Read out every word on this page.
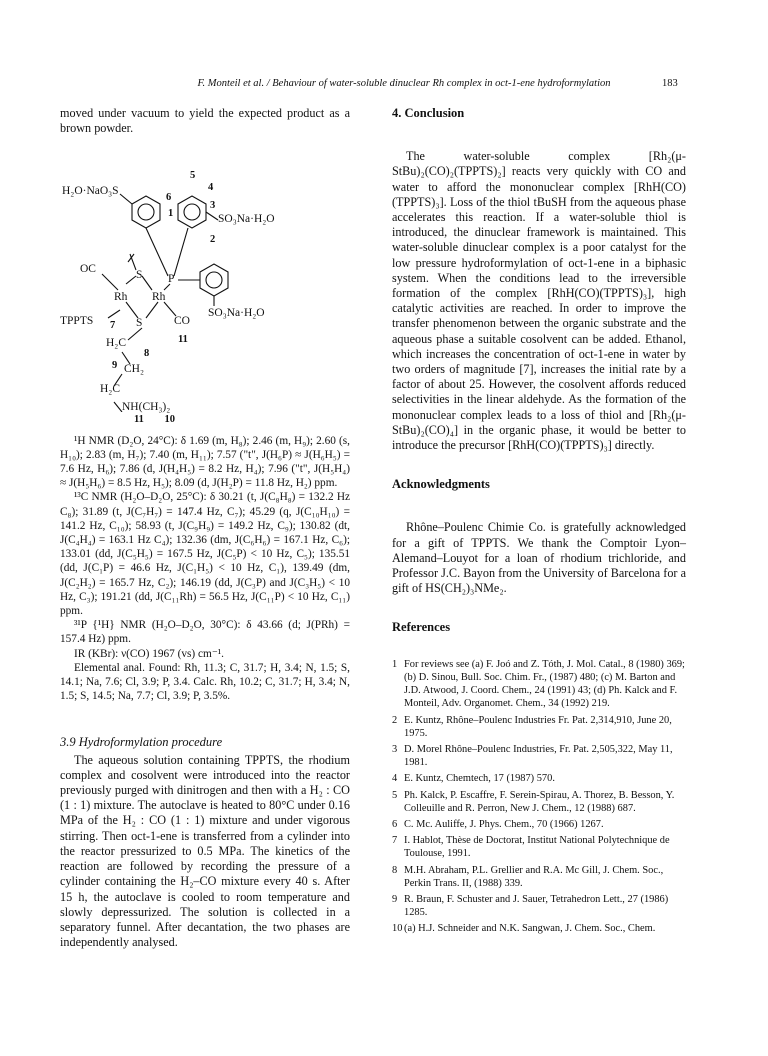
F. Monteil et al. / Behaviour of water-soluble dinuclear Rh complex in oct-1-ene hydroformylation	183

moved under vacuum to yield the expected product as a brown powder.

H₂O·NaO₃S
SO₃Na·H₂O
SO₃Na·H₂O
OC	S P
Rh Rh
CO
TPPTS	S
H₂C
CH₂
H₂C
NH(CH₃)₂
1
2
3
4
5
6
7
8
9
11
11 10

¹H NMR (D₂O, 24°C): δ 1.69 (m, H₈); 2.46 (m, H₉); 2.60 (s, H₁₀); 2.83 (m, H₇); 7.40 (m, H₁₁); 7.57 ("t", J(H₆P) ≈ J(H₆H₅) = 7.6 Hz, H₆); 7.86 (d, J(H₄H₅) = 8.2 Hz, H₄); 7.96 ("t", J(H₅H₄) ≈ J(H₅H₆) = 8.5 Hz, H₅); 8.09 (d, J(H₂P) = 11.8 Hz, H₂) ppm.

¹³C NMR (H₂O–D₂O, 25°C): δ 30.21 (t, J(C₈H₈) = 132.2 Hz C₈); 31.89 (t, J(C₇H₇) = 147.4 Hz, C₇); 45.29 (q, J(C₁₀H₁₀) = 141.2 Hz, C₁₀); 58.93 (t, J(C₉H₉) = 149.2 Hz, C₉); 130.82 (dt, J(C₄H₄) = 163.1 Hz C₄); 132.36 (dm, J(C₆H₆) = 167.1 Hz, C₆); 133.01 (dd, J(C₅H₅) = 167.5 Hz, J(C₅P) < 10 Hz, C₅); 135.51 (dd, J(C₁P) = 46.6 Hz, J(C₁H₅) < 10 Hz, C₁), 139.49 (dm, J(C₂H₂) = 165.7 Hz, C₂); 146.19 (dd, J(C₃P) and J(C₃H₅) < 10 Hz, C₃); 191.21 (dd, J(C₁₁Rh) = 56.5 Hz, J(C₁₁P) < 10 Hz, C₁₁) ppm.

³¹P {¹H} NMR (H₂O–D₂O, 30°C): δ 43.66 (d; J(PRh) = 157.4 Hz) ppm.

IR (KBr): ν(CO) 1967 (vs) cm⁻¹.

Elemental anal. Found: Rh, 11.3; C, 31.7; H, 3.4; N, 1.5; S, 14.1; Na, 7.6; Cl, 3.9; P, 3.4. Calc. Rh, 10.2; C, 31.7; H, 3.4; N, 1.5; S, 14.5; Na, 7.7; Cl, 3.9; P, 3.5%.

3.9 Hydroformylation procedure

The aqueous solution containing TPPTS, the rhodium complex and cosolvent were introduced into the reactor previously purged with dinitrogen and then with a H₂ : CO (1 : 1) mixture. The autoclave is heated to 80°C under 0.16 MPa of the H₂ : CO (1 : 1) mixture and under vigorous stirring. Then oct-1-ene is transferred from a cylinder into the reactor pressurized to 0.5 MPa. The kinetics of the reaction are followed by recording the pressure of a cylinder containing the H₂–CO mixture every 40 s. After 15 h, the autoclave is cooled to room temperature and slowly depressurized. The solution is collected in a separatory funnel. After decantation, the two phases are independently analysed.

4. Conclusion

The water-soluble complex [Rh₂(μ-StBu)₂(CO)₂(TPPTS)₂] reacts very quickly with CO and water to afford the mononuclear complex [RhH(CO)(TPPTS)₃]. Loss of the thiol tBuSH from the aqueous phase accelerates this reaction. If a water-soluble thiol is introduced, the dinuclear framework is maintained. This water-soluble dinuclear complex is a poor catalyst for the low pressure hydroformylation of oct-1-ene in a biphasic system. When the conditions lead to the irreversible formation of the complex [RhH(CO)(TPPTS)₃], high catalytic activities are reached. In order to improve the transfer phenomenon between the organic substrate and the aqueous phase a suitable cosolvent can be added. Ethanol, which increases the concentration of oct-1-ene in water by two orders of magnitude [7], increases the initial rate by a factor of about 25. However, the cosolvent affords reduced selectivities in the linear aldehyde. As the formation of the mononuclear complex leads to a loss of thiol and [Rh₂(μ-StBu)₂(CO)₄] in the organic phase, it would be better to introduce the precursor [RhH(CO)(TPPTS)₃] directly.

Acknowledgments

Rhône–Poulenc Chimie Co. is gratefully acknowledged for a gift of TPPTS. We thank the Comptoir Lyon–Alemand–Louyot for a loan of rhodium trichloride, and Professor J.C. Bayon from the University of Barcelona for a gift of HS(CH₂)₃NMe₂.

References

1 For reviews see (a) F. Joó and Z. Tóth, J. Mol. Catal., 8 (1980) 369; (b) D. Sinou, Bull. Soc. Chim. Fr., (1987) 480; (c) M. Barton and J.D. Atwood, J. Coord. Chem., 24 (1991) 43; (d) Ph. Kalck and F. Monteil, Adv. Organomet. Chem., 34 (1992) 219.
2 E. Kuntz, Rhône–Poulenc Industries Fr. Pat. 2,314,910, June 20, 1975.
3 D. Morel Rhône–Poulenc Industries, Fr. Pat. 2,505,322, May 11, 1981.
4 E. Kuntz, Chemtech, 17 (1987) 570.
5 Ph. Kalck, P. Escaffre, F. Serein-Spirau, A. Thorez, B. Besson, Y. Colleuille and R. Perron, New J. Chem., 12 (1988) 687.
6 C. Mc. Auliffe, J. Phys. Chem., 70 (1966) 1267.
7 I. Hablot, Thèse de Doctorat, Institut National Polytechnique de Toulouse, 1991.
8 M.H. Abraham, P.L. Grellier and R.A. Mc Gill, J. Chem. Soc., Perkin Trans. II, (1988) 339.
9 R. Braun, F. Schuster and J. Sauer, Tetrahedron Lett., 27 (1986) 1285.
10 (a) H.J. Schneider and N.K. Sangwan, J. Chem. Soc., Chem.
